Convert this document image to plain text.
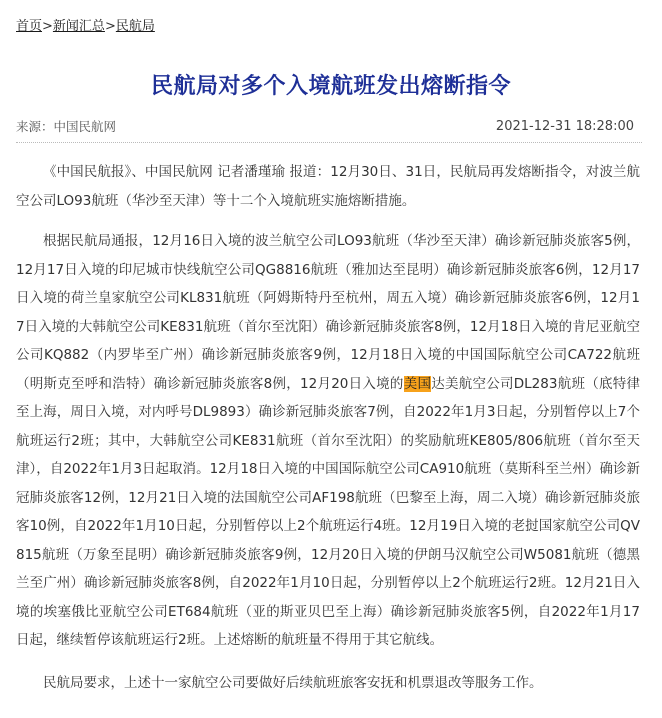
首页>新闻汇总>民航局
民航局对多个入境航班发出熔断指令
来源：中国民航网	2021-12-31 18:28:00

《中国民航报》、中国民航网 记者潘瑾瑜 报道：12月30日、31日，民航局再发熔断指令，对波兰航空公司LO93航班（华沙至天津）等十二个入境航班实施熔断措施。

根据民航局通报，12月16日入境的波兰航空公司LO93航班（华沙至天津）确诊新冠肺炎旅客5例，12月17日入境的印尼城市快线航空公司QG8816航班（雅加达至昆明）确诊新冠肺炎旅客6例，12月17日入境的荷兰皇家航空公司KL831航班（阿姆斯特丹至杭州，周五入境）确诊新冠肺炎旅客6例，12月17日入境的大韩航空公司KE831航班（首尔至沈阳）确诊新冠肺炎旅客8例，12月18日入境的肯尼亚航空公司KQ882（内罗毕至广州）确诊新冠肺炎旅客9例，12月18日入境的中国国际航空公司CA722航班（明斯克至呼和浩特）确诊新冠肺炎旅客8例，12月20日入境的美国达美航空公司DL283航班（底特律至上海，周日入境，对内呼号DL9893）确诊新冠肺炎旅客7例，自2022年1月3日起，分别暂停以上7个航班运行2班；其中，大韩航空公司KE831航班（首尔至沈阳）的奖励航班KE805/806航班（首尔至天津），自2022年1月3日起取消。12月18日入境的中国国际航空公司CA910航班（莫斯科至兰州）确诊新冠肺炎旅客12例，12月21日入境的法国航空公司AF198航班（巴黎至上海，周二入境）确诊新冠肺炎旅客10例，自2022年1月10日起，分别暂停以上2个航班运行4班。12月19日入境的老挝国家航空公司QV815航班（万象至昆明）确诊新冠肺炎旅客9例，12月20日入境的伊朗马汉航空公司W5081航班（德黑兰至广州）确诊新冠肺炎旅客8例，自2022年1月10日起，分别暂停以上2个航班运行2班。12月21日入境的埃塞俄比亚航空公司ET684航班（亚的斯亚贝巴至上海）确诊新冠肺炎旅客5例，自2022年1月17日起，继续暂停该航班运行2班。上述熔断的航班量不得用于其它航线。

民航局要求，上述十一家航空公司要做好后续航班旅客安抚和机票退改等服务工作。
